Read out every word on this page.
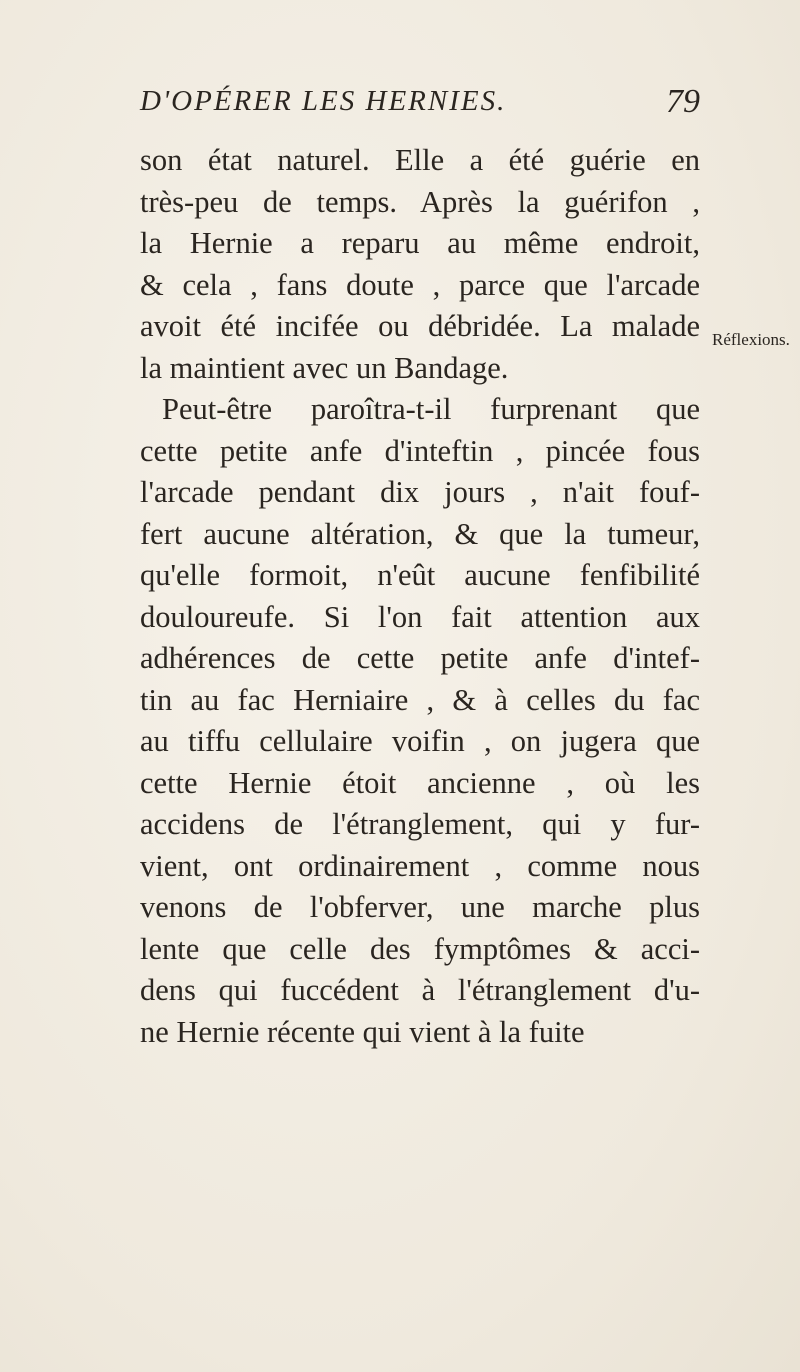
D'OPÉRER LES HERNIES.	79
son état naturel. Elle a été guérie en
très-peu de temps. Après la guérifon ,
la Hernie a reparu au même endroit,
& cela , fans doute , parce que l'arcade
avoit été incifée ou débridée. La malade
la maintient avec un Bandage.
Peut-être paroîtra-t-il furprenant que
cette petite anfe d'inteftin , pincée fous
l'arcade pendant dix jours , n'ait fouf-
fert aucune altération, & que la tumeur,
qu'elle formoit, n'eût aucune fenfibilité
douloureufe. Si l'on fait attention aux
adhérences de cette petite anfe d'intef-
tin au fac Herniaire , & à celles du fac
au tiffu cellulaire voifin , on jugera que
cette Hernie étoit ancienne , où les
accidens de l'étranglement, qui y fur-
vient, ont ordinairement , comme nous
venons de l'obferver, une marche plus
lente que celle des fymptômes & acci-
dens qui fuccédent à l'étranglement d'u-
ne Hernie récente qui vient à la fuite
Réflexions.
